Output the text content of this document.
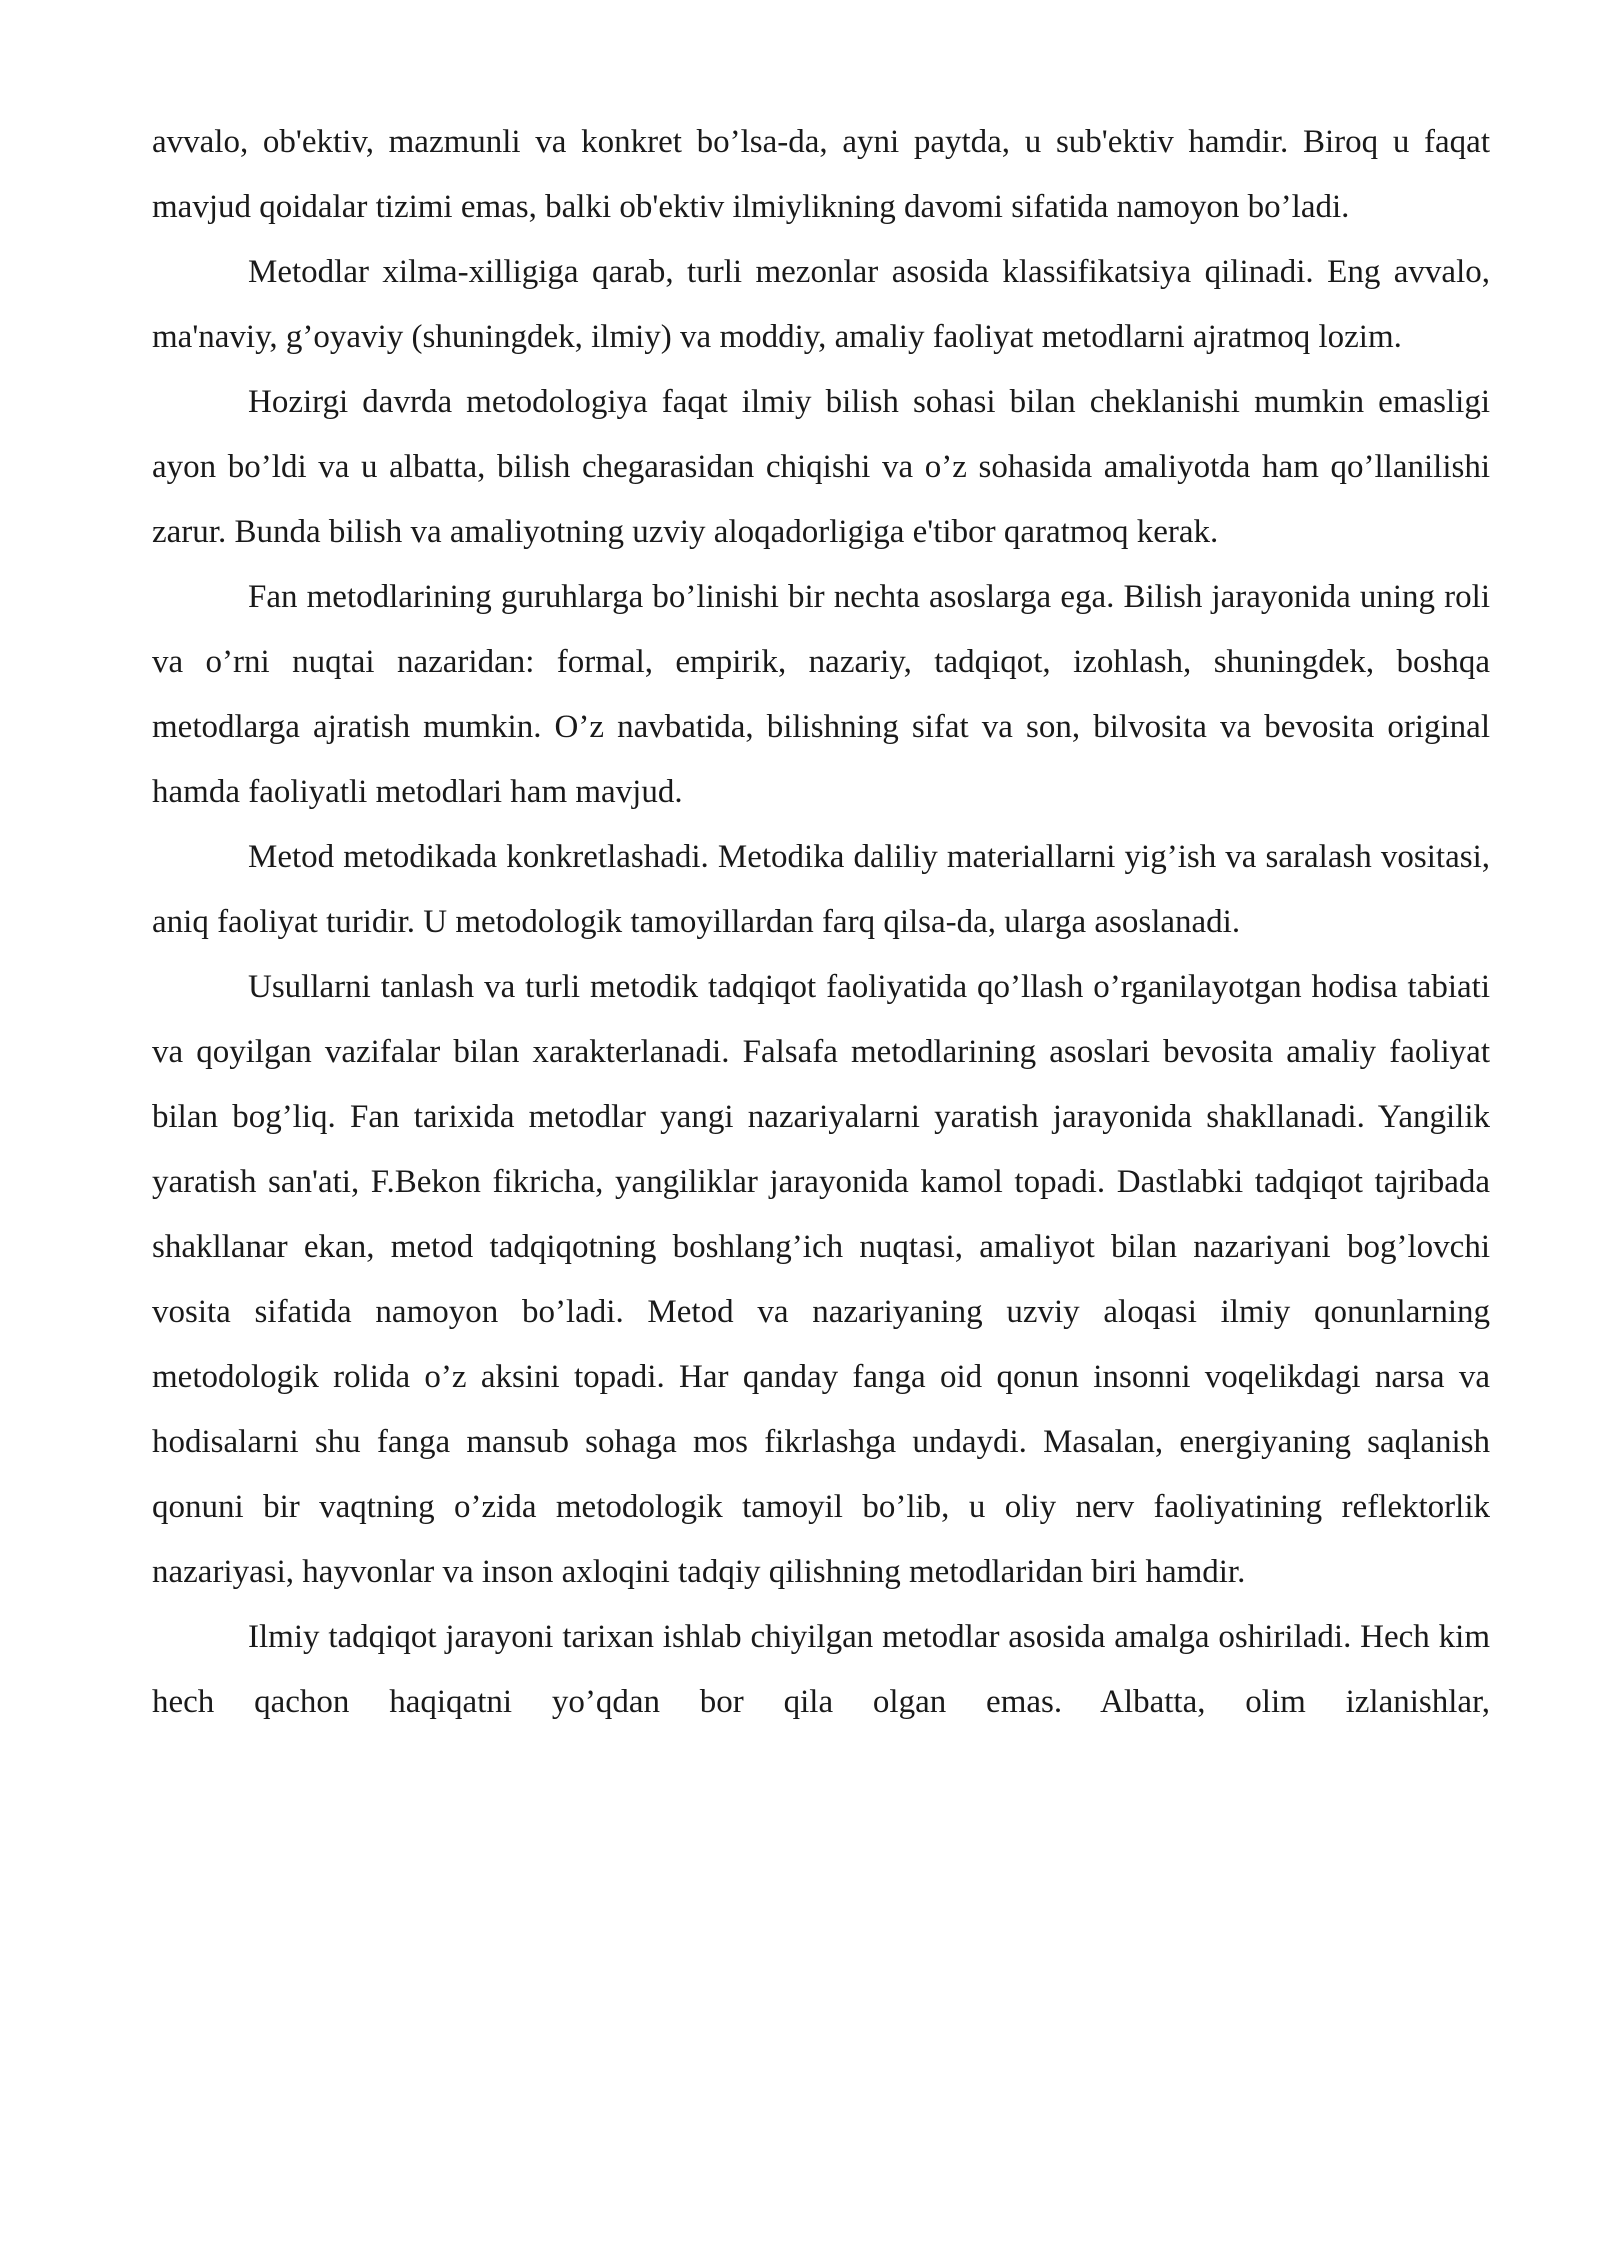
avvalo, ob'ektiv, mazmunli va konkret bo’lsa-da, ayni paytda, u sub'ektiv hamdir. Biroq u faqat mavjud qoidalar tizimi emas, balki ob'ektiv ilmiylikning davomi sifatida namoyon bo’ladi.

Metodlar xilma-xilligiga qarab, turli mezonlar asosida klassifikatsiya qilinadi. Eng avvalo, ma'naviy, g’oyaviy (shuningdek, ilmiy) va moddiy, amaliy faoliyat metodlarni ajratmoq lozim.

Hozirgi davrda metodologiya faqat ilmiy bilish sohasi bilan cheklanishi mumkin emasligi ayon bo’ldi va u albatta, bilish chegarasidan chiqishi va o’z sohasida amaliyotda ham qo’llanilishi zarur. Bunda bilish va amaliyotning uzviy aloqadorligiga e'tibor qaratmoq kerak.

Fan metodlarining guruhlarga bo’linishi bir nechta asoslarga ega. Bilish jarayonida uning roli va o’rni nuqtai nazaridan: formal, empirik, nazariy, tadqiqot, izohlash, shuningdek, boshqa metodlarga ajratish mumkin. O’z navbatida, bilishning sifat va son, bilvosita va bevosita original hamda faoliyatli metodlari ham mavjud.

Metod metodikada konkretlashadi. Metodika daliliy materiallarni yig’ish va saralash vositasi, aniq faoliyat turidir. U metodologik tamoyillardan farq qilsa-da, ularga asoslanadi.

Usullarni tanlash va turli metodik tadqiqot faoliyatida qo’llash o’rganilayotgan hodisa tabiati va qoyilgan vazifalar bilan xarakterlanadi. Falsafa metodlarining asoslari bevosita amaliy faoliyat bilan bog’liq. Fan tarixida metodlar yangi nazariyalarni yaratish jarayonida shakllanadi. Yangilik yaratish san'ati, F.Bekon fikricha, yangiliklar jarayonida kamol topadi. Dastlabki tadqiqot tajribada shakllanar ekan, metod tadqiqotning boshlang’ich nuqtasi, amaliyot bilan nazariyani bog’lovchi vosita sifatida namoyon bo’ladi. Metod va nazariyaning uzviy aloqasi ilmiy qonunlarning metodologik rolida o’z aksini topadi. Har qanday fanga oid qonun insonni voqelikdagi narsa va hodisalarni shu fanga mansub sohaga mos fikrlashga undaydi. Masalan, energiyaning saqlanish qonuni bir vaqtning o’zida metodologik tamoyil bo’lib, u oliy nerv faoliyatining reflektorlik nazariyasi, hayvonlar va inson axloqini tadqiy qilishning metodlaridan biri hamdir.

Ilmiy tadqiqot jarayoni tarixan ishlab chiyilgan metodlar asosida amalga oshiriladi. Hech kim hech qachon haqiqatni yo’qdan bor qila olgan emas. Albatta, olim izlanishlar,
